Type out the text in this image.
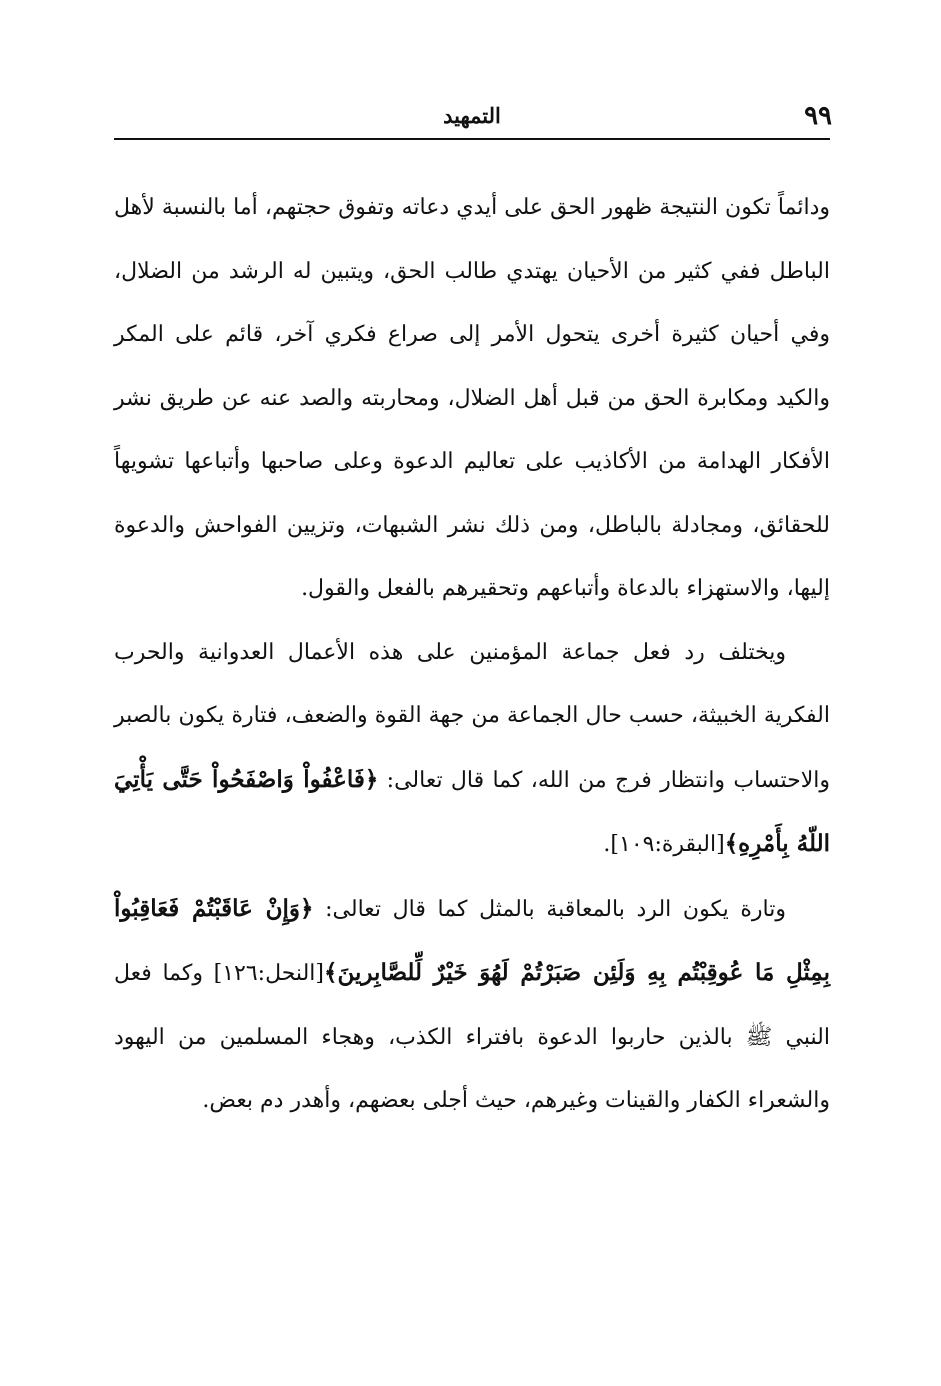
٩٩
التمهيد

ودائماً تكون النتيجة ظهور الحق على أيدي دعاته وتفوق حجتهم، أما بالنسبة لأهل الباطل ففي كثير من الأحيان يهتدي طالب الحق، ويتبين له الرشد من الضلال، وفي أحيان كثيرة أخرى يتحول الأمر إلى صراع فكري آخر، قائم على المكر والكيد ومكابرة الحق من قبل أهل الضلال، ومحاربته والصد عنه عن طريق نشر الأفكار الهدامة من الأكاذيب على تعاليم الدعوة وعلى صاحبها وأتباعها تشويهاً للحقائق، ومجادلة بالباطل، ومن ذلك نشر الشبهات، وتزيين الفواحش والدعوة إليها، والاستهزاء بالدعاة وأتباعهم وتحقيرهم بالفعل والقول.

ويختلف رد فعل جماعة المؤمنين على هذه الأعمال العدوانية والحرب الفكرية الخبيثة، حسب حال الجماعة من جهة القوة والضعف، فتارة يكون بالصبر والاحتساب وانتظار فرج من الله، كما قال تعالى: ﴿فَاعْفُواْ وَاصْفَحُواْ حَتَّى يَأْتِيَ اللّهُ بِأَمْرِهِ﴾[البقرة:١٠٩].

وتارة يكون الرد بالمعاقبة بالمثل كما قال تعالى: ﴿وَإِنْ عَاقَبْتُمْ فَعَاقِبُواْ بِمِثْلِ مَا عُوقِبْتُم بِهِ وَلَئِن صَبَرْتُمْ لَهُوَ خَيْرٌ لِّلصَّابِرينَ﴾[النحل:١٢٦] وكما فعل النبي ﷺ بالذين حاربوا الدعوة بافتراء الكذب، وهجاء المسلمين من اليهود والشعراء الكفار والقينات وغيرهم، حيث أجلى بعضهم، وأهدر دم بعض.
